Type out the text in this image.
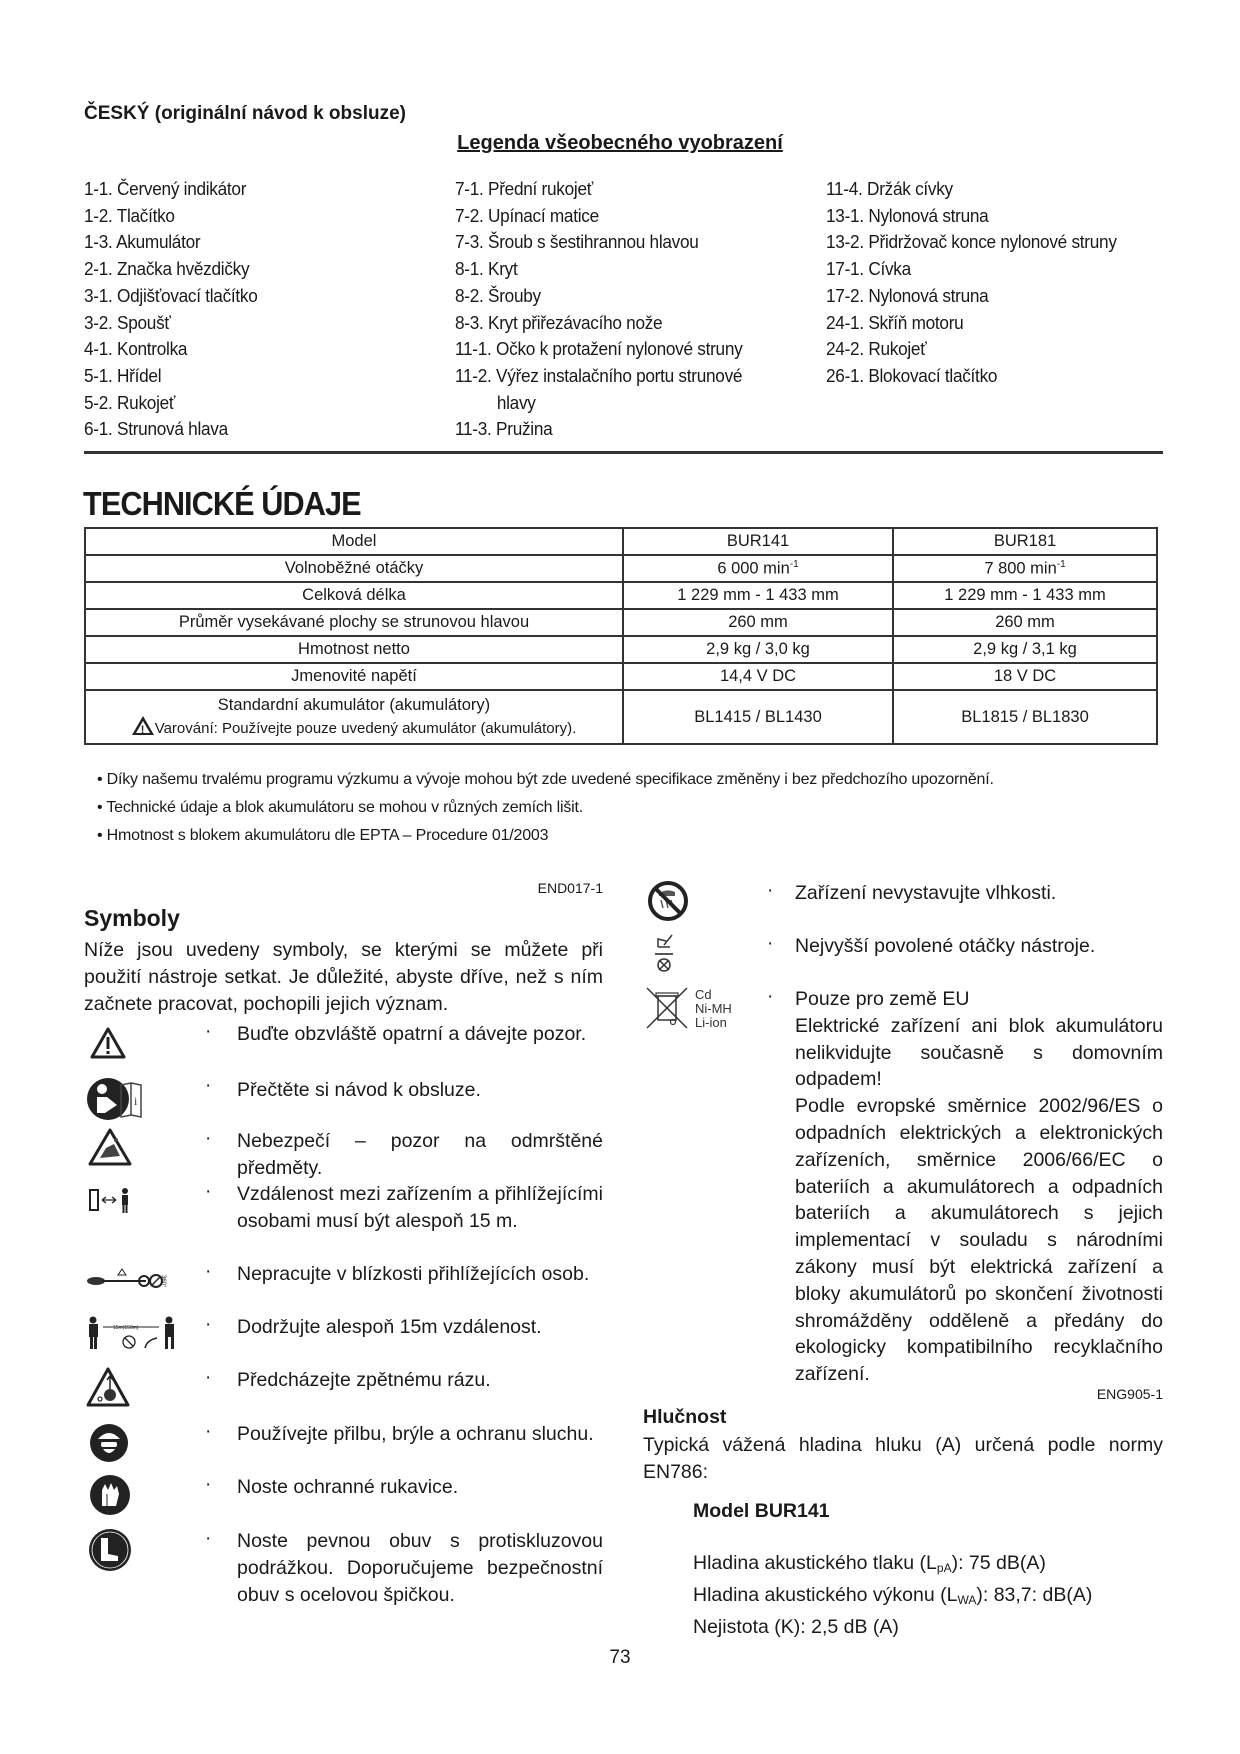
ČESKÝ (originální návod k obsluze)
Legenda všeobecného vyobrazení
1-1. Červený indikátor
1-2. Tlačítko
1-3. Akumulátor
2-1. Značka hvězdičky
3-1. Odjišťovací tlačítko
3-2. Spoušť
4-1. Kontrolka
5-1. Hřídel
5-2. Rukojeť
6-1. Strunová hlava
7-1. Přední rukojeť
7-2. Upínací matice
7-3. Šroub s šestihrannou hlavou
8-1. Kryt
8-2. Šrouby
8-3. Kryt přiřezávacího nože
11-1. Očko k protažení nylonové struny
11-2. Výřez instalačního portu strunové
hlavy
11-3. Pružina
11-4. Držák cívky
13-1. Nylonová struna
13-2. Přidržovač konce nylonové struny
17-1. Cívka
17-2. Nylonová struna
24-1. Skříň motoru
24-2. Rukojeť
26-1. Blokovací tlačítko
TECHNICKÉ ÚDAJE
Model	BUR141	BUR181
Volnoběžné otáčky	6 000 $\min^{-1}$	7 800 $\min^{-1}$
Celková délka	1 229 mm - 1 433 mm	1 229 mm - 1 433 mm
Průměr vysekávané plochy se strunovou hlavou	260 mm	260 mm
Hmotnost netto	2,9 kg / 3,0 kg	2,9 kg / 3,1 kg
Jmenovité napětí	14,4 V DC	18 V DC

Standardní akumulátor (akumulátory)
!Varování: Používejte pouze uvedený akumulátor (akumulátory).	BL1415 / BL1430	BL1815 / BL1830
• Díky našemu trvalému programu výzkumu a vývoje mohou být zde uvedené specifikace změněny i bez předchozího upozornění.
• Technické údaje a blok akumulátoru se mohou v různých zemích lišit.
• Hmotnost s blokem akumulátoru dle EPTA – Procedure 01/2003
END017-1
Symboly
Níže jsou uvedeny symboly, se kterými se můžete při použití nástroje setkat. Je důležité, abyste dříve, než s ním začnete pracovat, pochopili jejich význam.
· Buďte obzvláště opatrní a dávejte pozor.
i
· Přečtěte si návod k obsluze.
· Nebezpečí – pozor na odmrštěné předměty.
· Vzdálenost mezi zařízením a přihlížejícími osobami musí být alespoň 15 m.
360° · Nepracujte v blízkosti přihlížejících osob.
15m(150m)	· Dodržujte alespoň 15m vzdálenost.
· Předcházejte zpětnému rázu.
· Používejte přilbu, brýle a ochranu sluchu.
· Noste ochranné rukavice.
· Noste pevnou obuv s protiskluzovou podrážkou. Doporučujeme bezpečnostní obuv s ocelovou špičkou.
· Zařízení nevystavujte vlhkosti.
· Nejvyšší povolené otáčky nástroje.
Cd
Ni-MH
Li-ion
· Pouze pro země EU
Elektrické zařízení ani blok akumulátoru nelikvidujte současně s domovním odpadem!
Podle evropské směrnice 2002/96/ES o odpadních elektrických a elektronických zařízeních, směrnice 2006/66/EC o bateriích a akumulátorech a odpadních bateriích a akumulátorech s jejich implementací v souladu s národními zákony musí být elektrická zařízení a bloky akumulátorů po skončení životnosti shromážděny odděleně a předány do ekologicky kompatibilního recyklačního zařízení.
ENG905-1
Hlučnost
Typická vážená hladina hluku (A) určená podle normy EN786:
Model BUR141
Hladina akustického tlaku $(L_{pA})$: 75 dB(A)
Hladina akustického výkonu $(L_{WA})$: 83,7: dB(A)
Nejistota (K): 2,5 dB (A)
73
